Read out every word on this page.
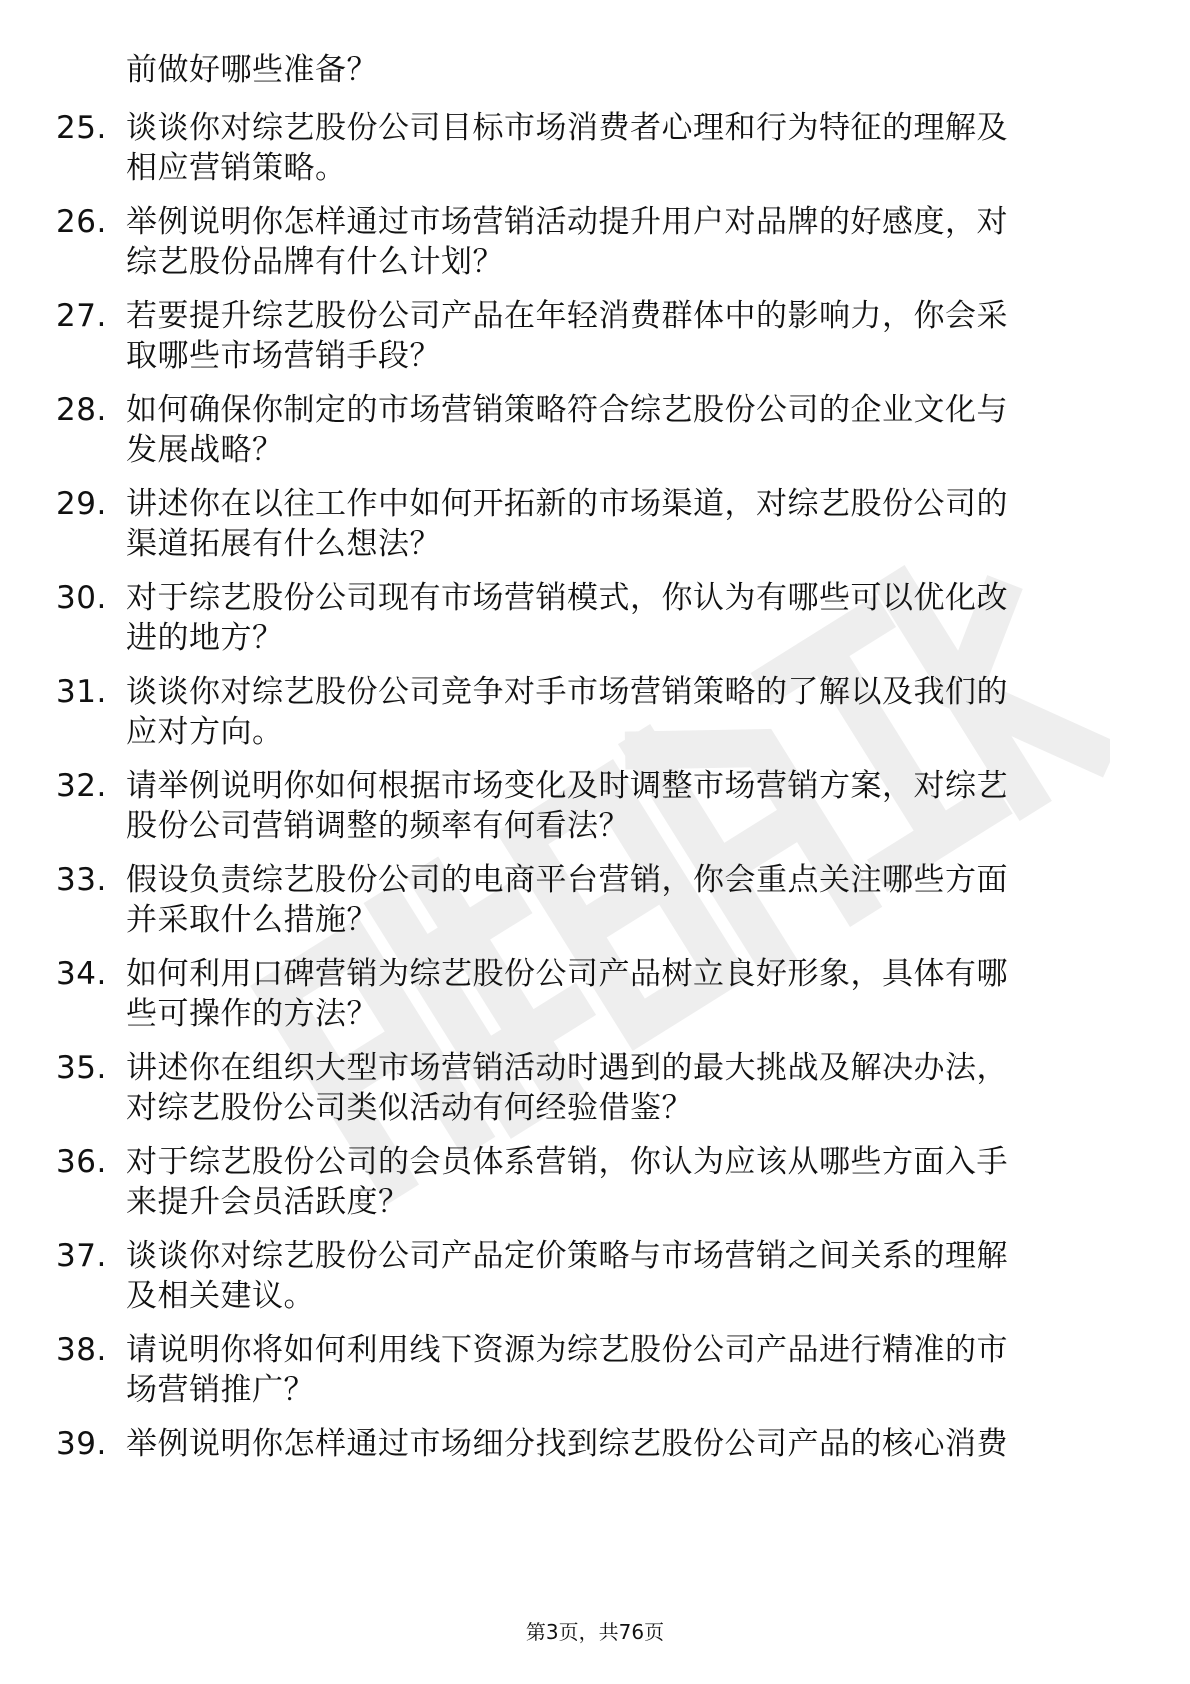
前做好哪些准备？
25. 谈谈你对综艺股份公司目标市场消费者心理和行为特征的理解及
相应营销策略。
26. 举例说明你怎样通过市场营销活动提升用户对品牌的好感度，对
综艺股份品牌有什么计划？
27. 若要提升综艺股份公司产品在年轻消费群体中的影响力，你会采
取哪些市场营销手段？
28. 如何确保你制定的市场营销策略符合综艺股份公司的企业文化与
发展战略？
29. 讲述你在以往工作中如何开拓新的市场渠道，对综艺股份公司的
渠道拓展有什么想法？
30. 对于综艺股份公司现有市场营销模式，你认为有哪些可以优化改
进的地方？
31. 谈谈你对综艺股份公司竞争对手市场营销策略的了解以及我们的
应对方向。
32. 请举例说明你如何根据市场变化及时调整市场营销方案，对综艺
股份公司营销调整的频率有何看法？
33. 假设负责综艺股份公司的电商平台营销，你会重点关注哪些方面
并采取什么措施？
34. 如何利用口碑营销为综艺股份公司产品树立良好形象，具体有哪
些可操作的方法？
35. 讲述你在组织大型市场营销活动时遇到的最大挑战及解决办法，
对综艺股份公司类似活动有何经验借鉴？
36. 对于综艺股份公司的会员体系营销，你认为应该从哪些方面入手
来提升会员活跃度？
37. 谈谈你对综艺股份公司产品定价策略与市场营销之间关系的理解
及相关建议。
38. 请说明你将如何利用线下资源为综艺股份公司产品进行精准的市
场营销推广？
39. 举例说明你怎样通过市场细分找到综艺股份公司产品的核心消费
第3页，共76页
